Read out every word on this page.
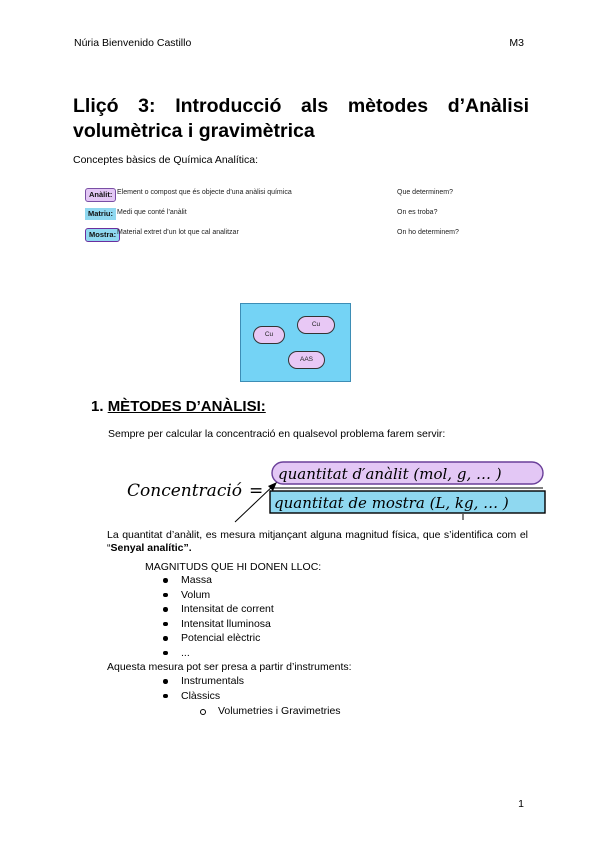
Núria Bienvenido Castillo	M3
Lliçó 3: Introducció als mètodes d’Anàlisi volumètrica i gravimètrica
Conceptes bàsics de Química Analítica:
Anàlit: Element o compost que és objecte d’una anàlisi química	Que determinem?
Matriu: Medi que conté l’anàlit	On es troba?
Mostra: Material extret d’un lot que cal analitzar	On ho determinem?
Cu
Cu
AAS
1. MÈTODES D’ANÀLISI:
Sempre per calcular la concentració en qualsevol problema farem servir:
Concentració =
quantitat d′anàlit (mol, g, … )
quantitat de mostra (L, kg, … )

La quantitat d’anàlit, es mesura mitjançant alguna magnitud física, que s’identifica com el “Senyal analític”.

MAGNITUDS QUE HI DONEN LLOC:
Massa
Volum
Intensitat de corrent
Intensitat lluminosa
Potencial elèctric
...
Aquesta mesura pot ser presa a partir d’instruments:
Instrumentals
Clàssics
Volumetries i Gravimetries
1
